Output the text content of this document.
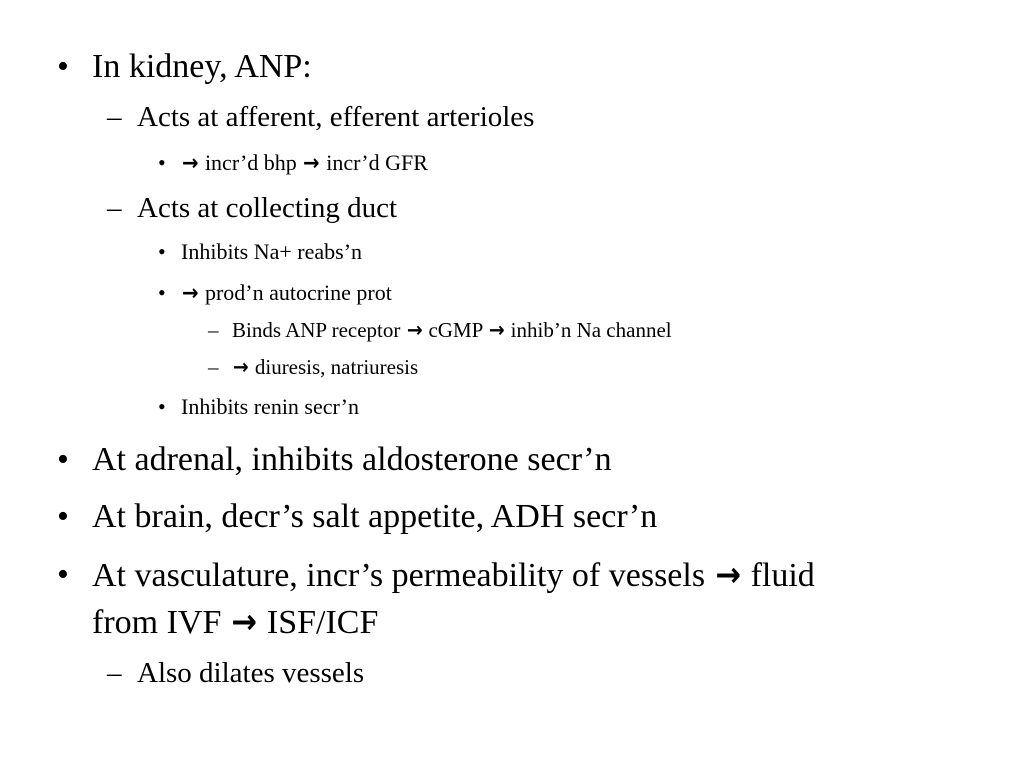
• In kidney, ANP:
– Acts at afferent, efferent arterioles
• → incr’d bhp → incr’d GFR
– Acts at collecting duct
• Inhibits Na+ reabs’n
• → prod’n autocrine prot
– Binds ANP receptor → cGMP → inhib’n Na channel
– → diuresis, natriuresis
• Inhibits renin secr’n
• At adrenal, inhibits aldosterone secr’n
• At brain, decr’s salt appetite, ADH secr’n
• At vasculature, incr’s permeability of vessels → fluid
from IVF → ISF/ICF
– Also dilates vessels
